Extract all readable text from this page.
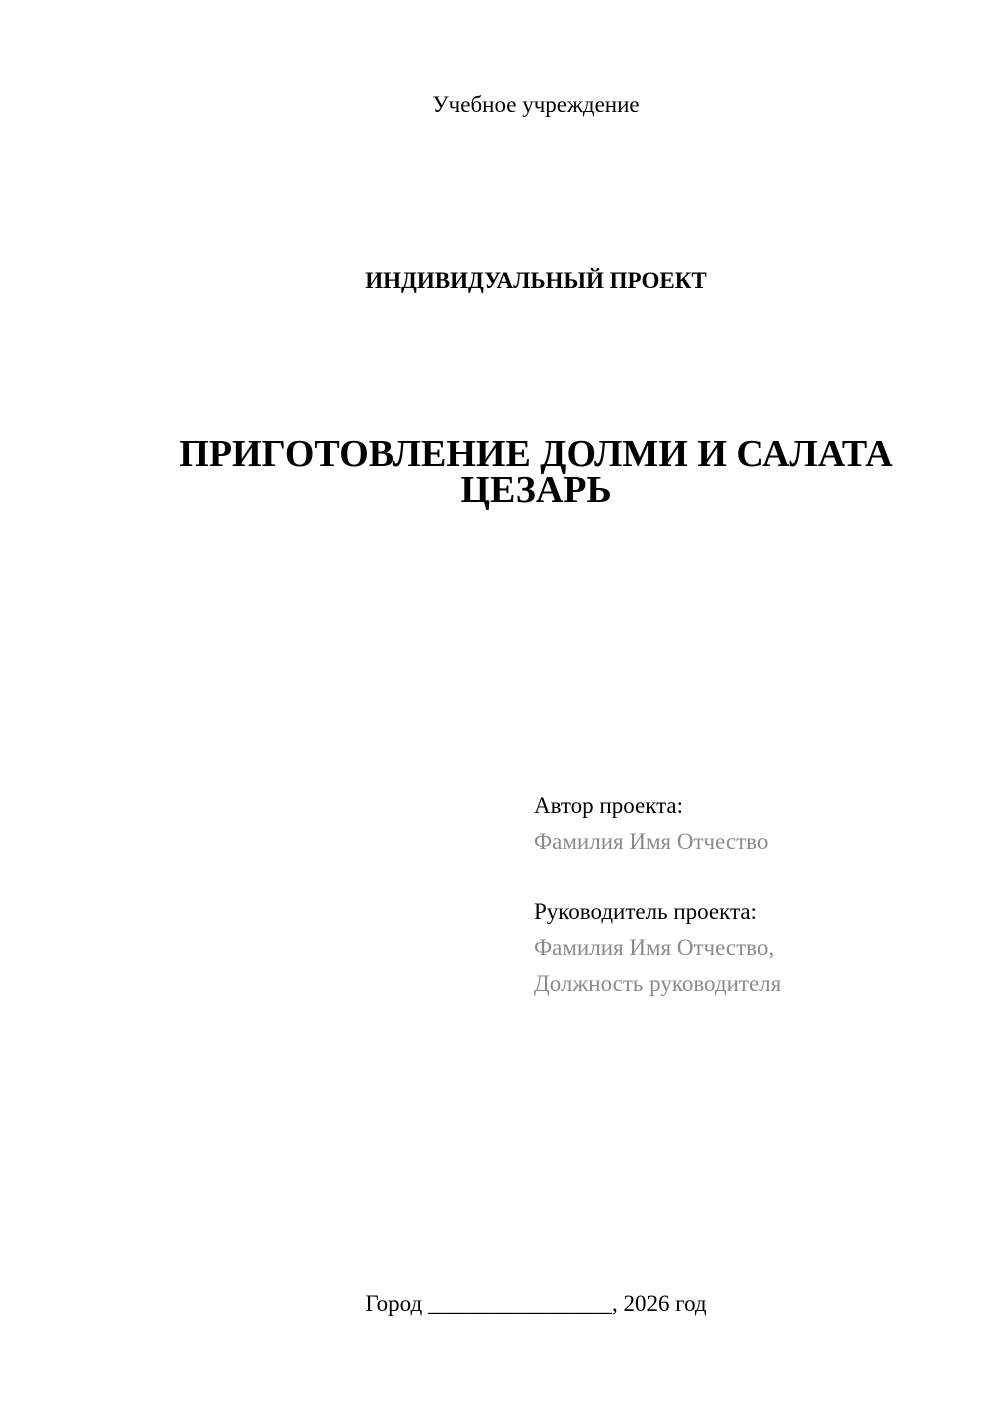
Учебное учреждение
ИНДИВИДУАЛЬНЫЙ ПРОЕКТ
ПРИГОТОВЛЕНИЕ ДОЛМИ И САЛАТА
ЦЕЗАРЬ
Автор проекта:
Фамилия Имя Отчество
Руководитель проекта:
Фамилия Имя Отчество,
Должность руководителя
Город ________________, 2026 год
